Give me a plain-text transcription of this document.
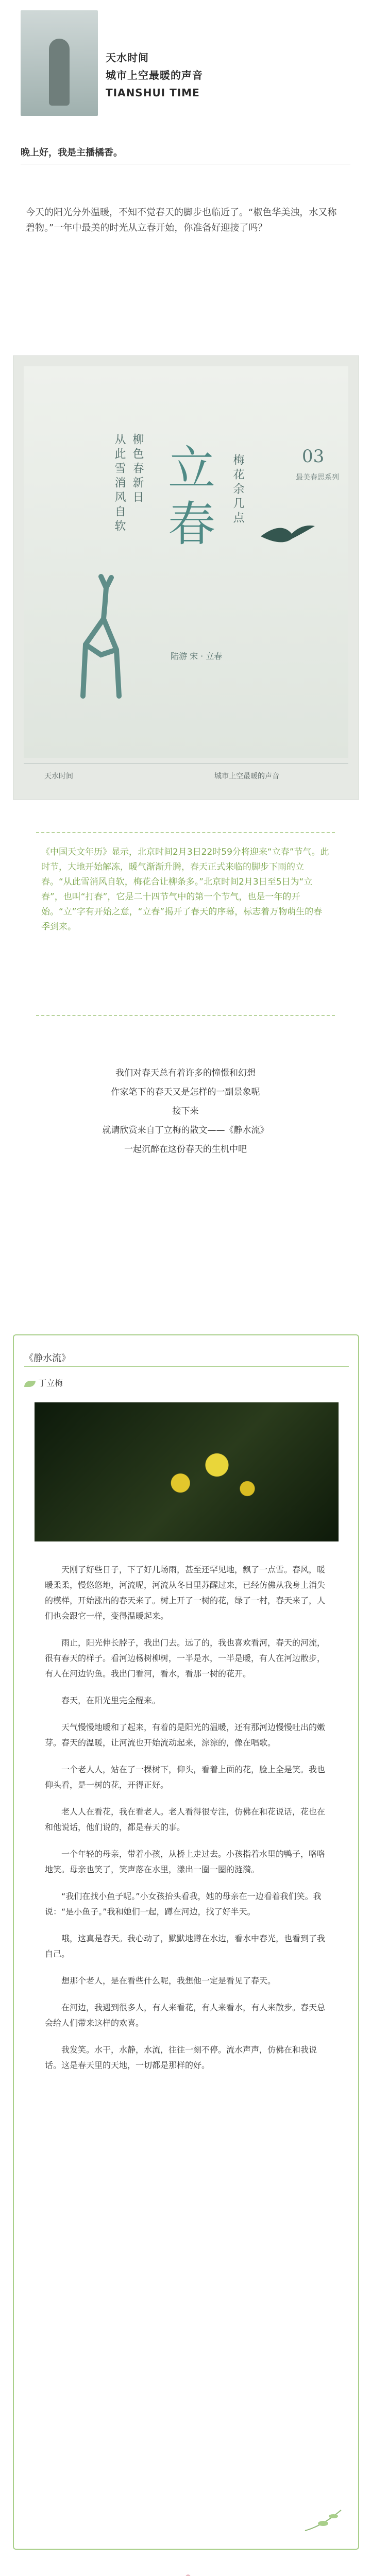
天水时间
城市上空最暖的声音
TIANSHUI TIME
晚上好，我是主播橘香。
今天的阳光分外温暖，不知不觉春天的脚步也临近了。“椒色华美浊，水又称碧物。”一年中最美的时光从立春开始，你准备好迎接了吗？
从此雪消风自软 柳色春新日	梅花余几点
立春
03
最美春思系列
陆游 宋 · 立春
天水时间	城市上空最暖的声音
《中国天文年历》显示，北京时间2月3日22时59分将迎来“立春”节气。此时节，大地开始解冻，暖气渐渐升腾，春天正式来临的脚步下雨的立春。“从此雪消风自软，梅花合让柳条多。”北京时间2月3日至5日为“立春”，也叫“打春”，它是二十四节气中的第一个节气，也是一年的开始。“立”字有开始之意，“立春”揭开了春天的序幕，标志着万物萌生的春季到来。
我们对春天总有着许多的憧憬和幻想
作家笔下的春天又是怎样的一副景象呢
接下来
就请欣赏来自丁立梅的散文——《静水流》
一起沉醉在这份春天的生机中吧
《静水流》
丁立梅

天刚了好些日子，下了好几场雨，甚至还罕见地，飘了一点雪。春风，暖暖柔柔，慢悠悠地，河流呢，河流从冬日里苏醒过来，已经仿佛从我身上消失的模样，开始涨出的春天来了。树上开了一树的花，绿了一村，春天来了，人们也会跟它一样，变得温暖起来。

雨止，阳光伸长脖子，我出门去。远了的，我也喜欢看河，春天的河流，很有春天的样子。看河边杨树柳树，一半是水，一半是暖，有人在河边散步，有人在河边钓鱼。我出门看河，看水，看那一树的花开。

春天，在阳光里完全醒来。

天气慢慢地暖和了起来，有着的是阳光的温暖，还有那河边慢慢吐出的嫩芽。春天的温暖，让河流也开始流动起来，淙淙的，像在唱歌。

一个老人人，站在了一棵树下，仰头，看着上面的花，脸上全是笑。我也仰头看，是一树的花，开得正好。

老人人在看花，我在看老人。老人看得很专注，仿佛在和花说话，花也在和他说话，他们说的，都是春天的事。

一个年轻的母亲，带着小孩，从桥上走过去。小孩指着水里的鸭子，咯咯地笑。母亲也笑了，笑声落在水里，漾出一圈一圈的涟漪。

“我们在找小鱼子呢。”小女孩抬头看我，她的母亲在一边看着我们笑。我说：“是小鱼子。”我和她们一起，蹲在河边，找了好半天。

哦，这真是春天。我心动了，默默地蹲在水边，看水中春光，也看到了我自己。

想那个老人，是在看些什么呢，我想他一定是看见了春天。

在河边，我遇到很多人，有人来看花，有人来看水，有人来散步。春天总会给人们带来这样的欢喜。

我发笑。水干，水静，水流，往往一刻不停。流水声声，仿佛在和我说话。这是春天里的天地，一切都是那样的好。
